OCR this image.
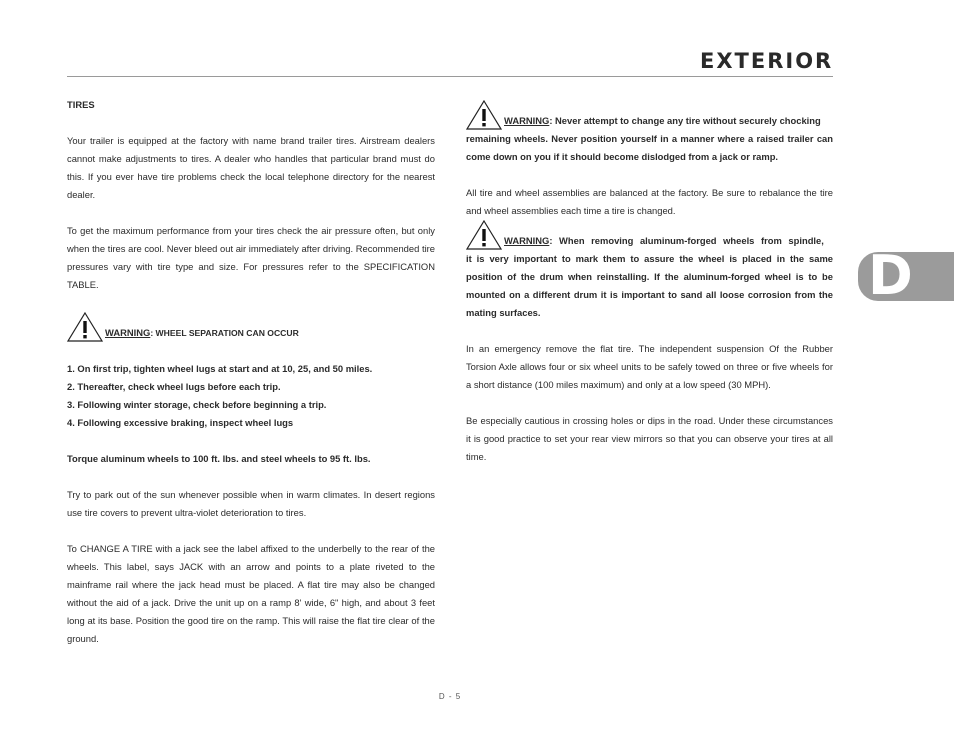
EXTERIOR
D

TIRES

Your trailer is equipped at the factory with name brand trailer tires. Airstream dealers cannot make adjustments to tires. A dealer who handles that particular brand must do this. If you ever have tire problems check the local telephone directory for the nearest dealer.

To get the maximum performance from your tires check the air pressure often, but only when the tires are cool. Never bleed out air immediately after driving. Recommended tire pressures vary with tire type and size. For pressures refer to the SPECIFICATION TABLE.

WARNING: WHEEL SEPARATION CAN OCCUR
1. On first trip, tighten wheel lugs at start and at 10, 25, and 50 miles.
2. Thereafter, check wheel lugs before each trip.
3. Following winter storage, check before beginning a trip.
4. Following excessive braking, inspect wheel lugs

Torque aluminum wheels to 100 ft. lbs. and steel wheels to 95 ft. lbs.

Try to park out of the sun whenever possible when in warm climates. In desert regions use tire covers to prevent ultra-violet deterioration to tires.

To CHANGE A TIRE with a jack see the label affixed to the underbelly to the rear of the wheels. This label, says JACK with an arrow and points to a plate riveted to the mainframe rail where the jack head must be placed. A flat tire may also be changed without the aid of a jack. Drive the unit up on a ramp 8' wide, 6" high, and about 3 feet long at its base. Position the good tire on the ramp. This will raise the flat tire clear of the ground.

WARNING: Never attempt to change any tire without securely chocking

remaining wheels. Never position yourself in a manner where a raised trailer can come down on you if it should become dislodged from a jack or ramp.

All tire and wheel assemblies are balanced at the factory. Be sure to rebalance the tire and wheel assemblies each time a tire is changed.

WARNING: When removing aluminum-forged wheels from spindle,

it is very important to mark them to assure the wheel is placed in the same position of the drum when reinstalling. If the aluminum-forged wheel is to be mounted on a different drum it is important to sand all loose corrosion from the mating surfaces.

In an emergency remove the flat tire. The independent suspension Of the Rubber Torsion Axle allows four or six wheel units to be safely towed on three or five wheels for a short distance (100 miles maximum) and only at a low speed (30 MPH).

Be especially cautious in crossing holes or dips in the road. Under these circumstances it is good practice to set your rear view mirrors so that you can observe your tires at all time.

D - 5
